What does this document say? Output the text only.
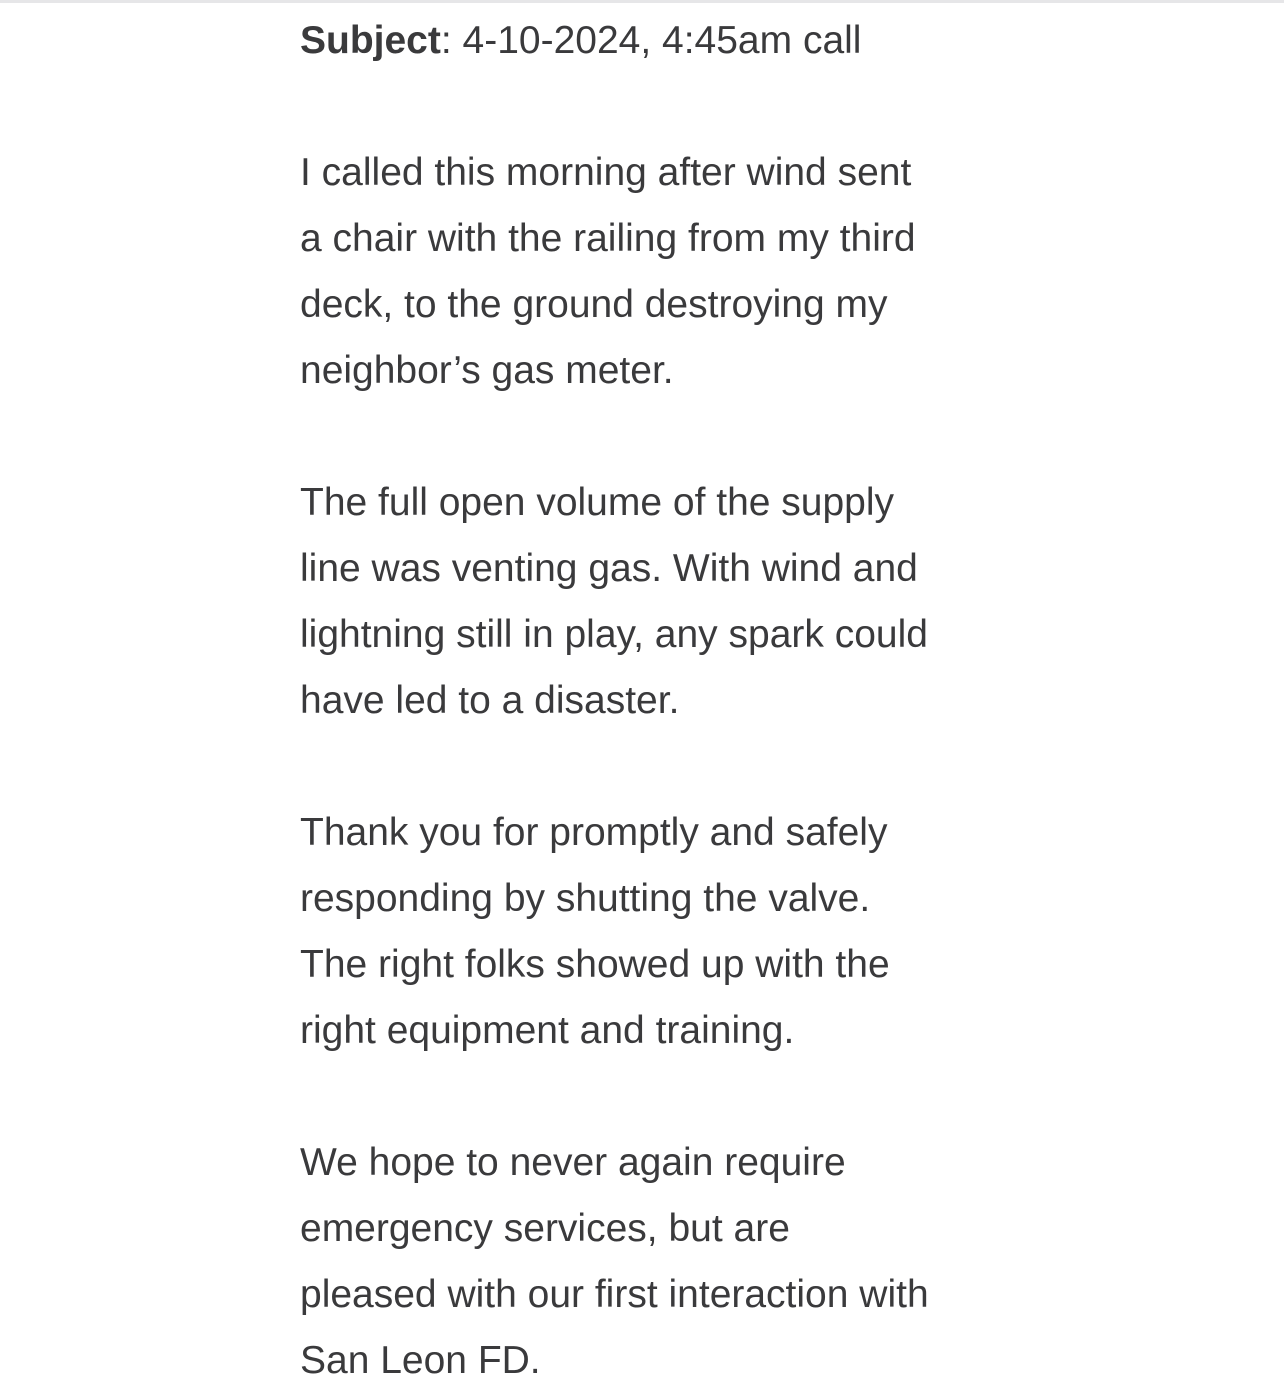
Subject: 4-10-2024, 4:45am call

I called this morning after wind sent
a chair with the railing from my third
deck, to the ground destroying my
neighbor’s gas meter.

The full open volume of the supply
line was venting gas. With wind and
lightning still in play, any spark could
have led to a disaster.

Thank you for promptly and safely
responding by shutting the valve.
The right folks showed up with the
right equipment and training.

We hope to never again require
emergency services, but are
pleased with our first interaction with
San Leon FD.
